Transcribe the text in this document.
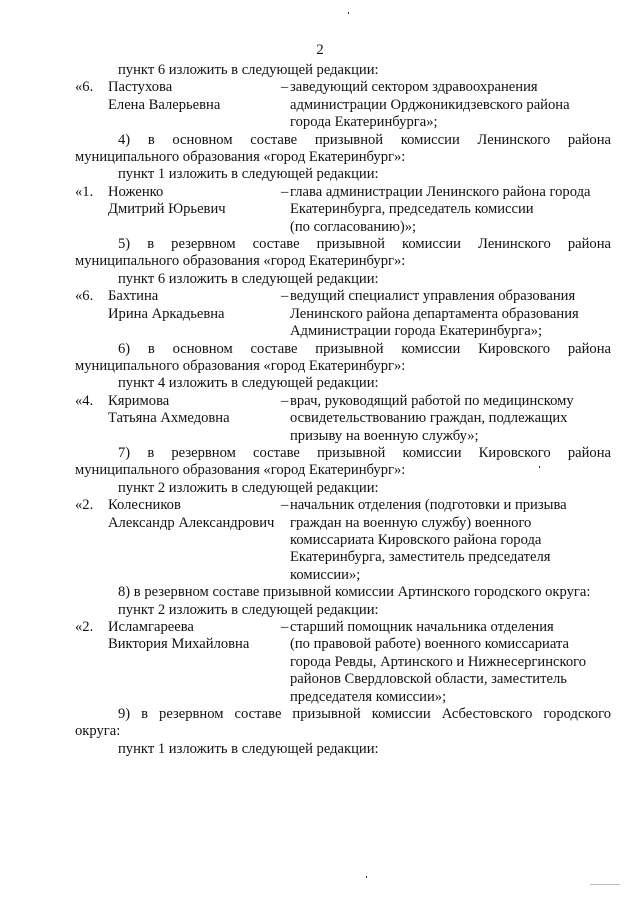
2
пункт 6 изложить в следующей редакции:
«6.	Пастухова	– заведующий сектором здравоохранения
Елена Валерьевна	администрации Орджоникидзевского района
города Екатеринбурга»;
4) в основном составе призывной комиссии Ленинского района
муниципального образования «город Екатеринбург»:
пункт 1 изложить в следующей редакции:
«1.	Ноженко	– глава администрации Ленинского района города
Дмитрий Юрьевич	Екатеринбурга, председатель комиссии
(по согласованию)»;
5) в резервном составе призывной комиссии Ленинского района
муниципального образования «город Екатеринбург»:
пункт 6 изложить в следующей редакции:
«6.	Бахтина	– ведущий специалист управления образования
Ирина Аркадьевна	Ленинского района департамента образования
Администрации города Екатеринбурга»;
6) в основном составе призывной комиссии Кировского района
муниципального образования «город Екатеринбург»:
пункт 4 изложить в следующей редакции:
«4.	Кяримова	– врач, руководящий работой по медицинскому
Татьяна Ахмедовна	освидетельствованию граждан, подлежащих
призыву на военную службу»;
7) в резервном составе призывной комиссии Кировского района
муниципального образования «город Екатеринбург»:
пункт 2 изложить в следующей редакции:
«2.	Колесников	– начальник отделения (подготовки и призыва
Александр Александрович	граждан на военную службу) военного
комиссариата Кировского района города
Екатеринбурга, заместитель председателя
комиссии»;
8) в резервном составе призывной комиссии Артинского городского округа:
пункт 2 изложить в следующей редакции:
«2.	Исламгареева	– старший помощник начальника отделения
Виктория Михайловна	(по правовой работе) военного комиссариата
города Ревды, Артинского и Нижнесергинского
районов Свердловской области, заместитель
председателя комиссии»;
9) в резервном составе призывной комиссии Асбестовского городского
округа:
пункт 1 изложить в следующей редакции:
